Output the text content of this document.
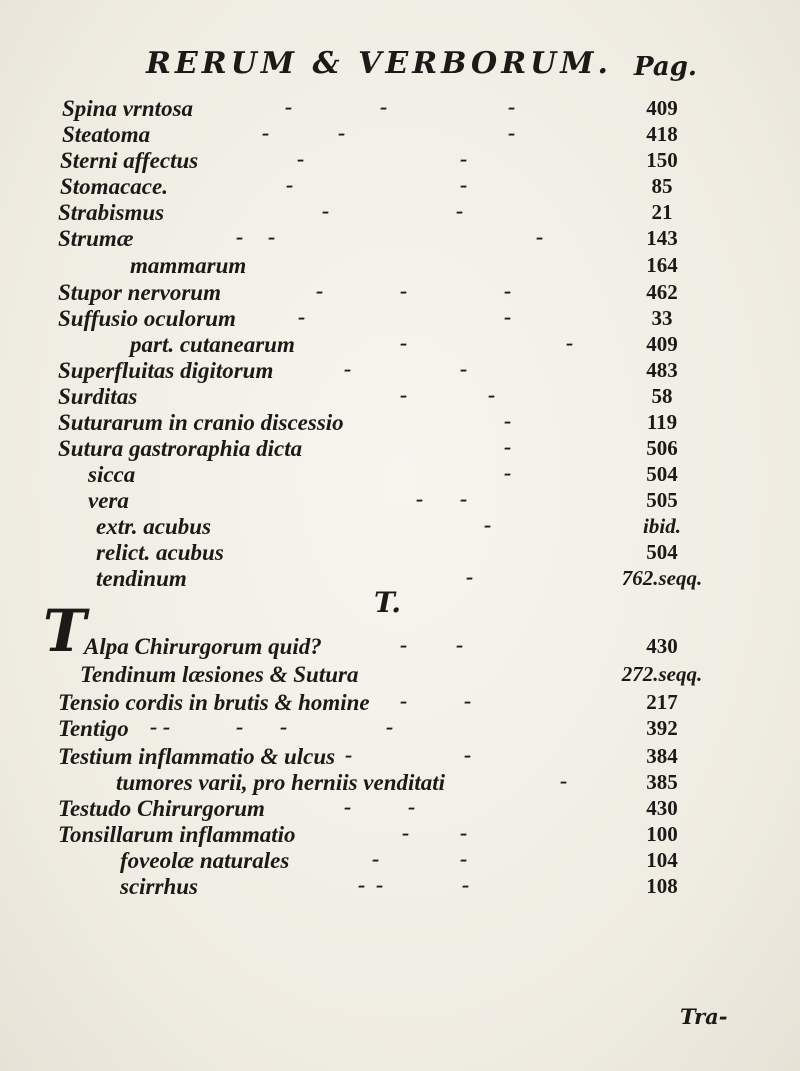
RERUM & VERBORUM. Pag.
Spina vrntosa	-	-	-	409
Steatoma	-	-	-	418
Sterni affectus	-	-	150
Stomacace.	-	-	85
Strabismus	-	-	21
Strumæ	- -	-	143
mammarum	164
Stupor nervorum	-	-	-	462
Suffusio oculorum	-	-	33
part. cutanearum	-	-	409
Superfluitas digitorum	-	-	483
Surditas	-	-	58
Suturarum in cranio discessio	-	119
Sutura gastroraphia dicta	-	506
sicca	-	504
vera	- -	505
extr. acubus	-	ibid.
relict. acubus	504
tendinum	-	762.seqq.
T.
T
Alpa Chirurgorum quid?	- -	430
Tendinum læsiones & Sutura	272.seqq.
Tensio cordis in brutis & homine -	-	217
Tentigo - -	- -	-	392
Testium inflammatio & ulcus -	-	384
tumores varii, pro herniis venditati	-	385
Testudo Chirurgorum	-	-	430
Tonsillarum inflammatio	- -	100
foveolæ naturales	-	-	104
scirrhus	- -	-	108
Tra-
